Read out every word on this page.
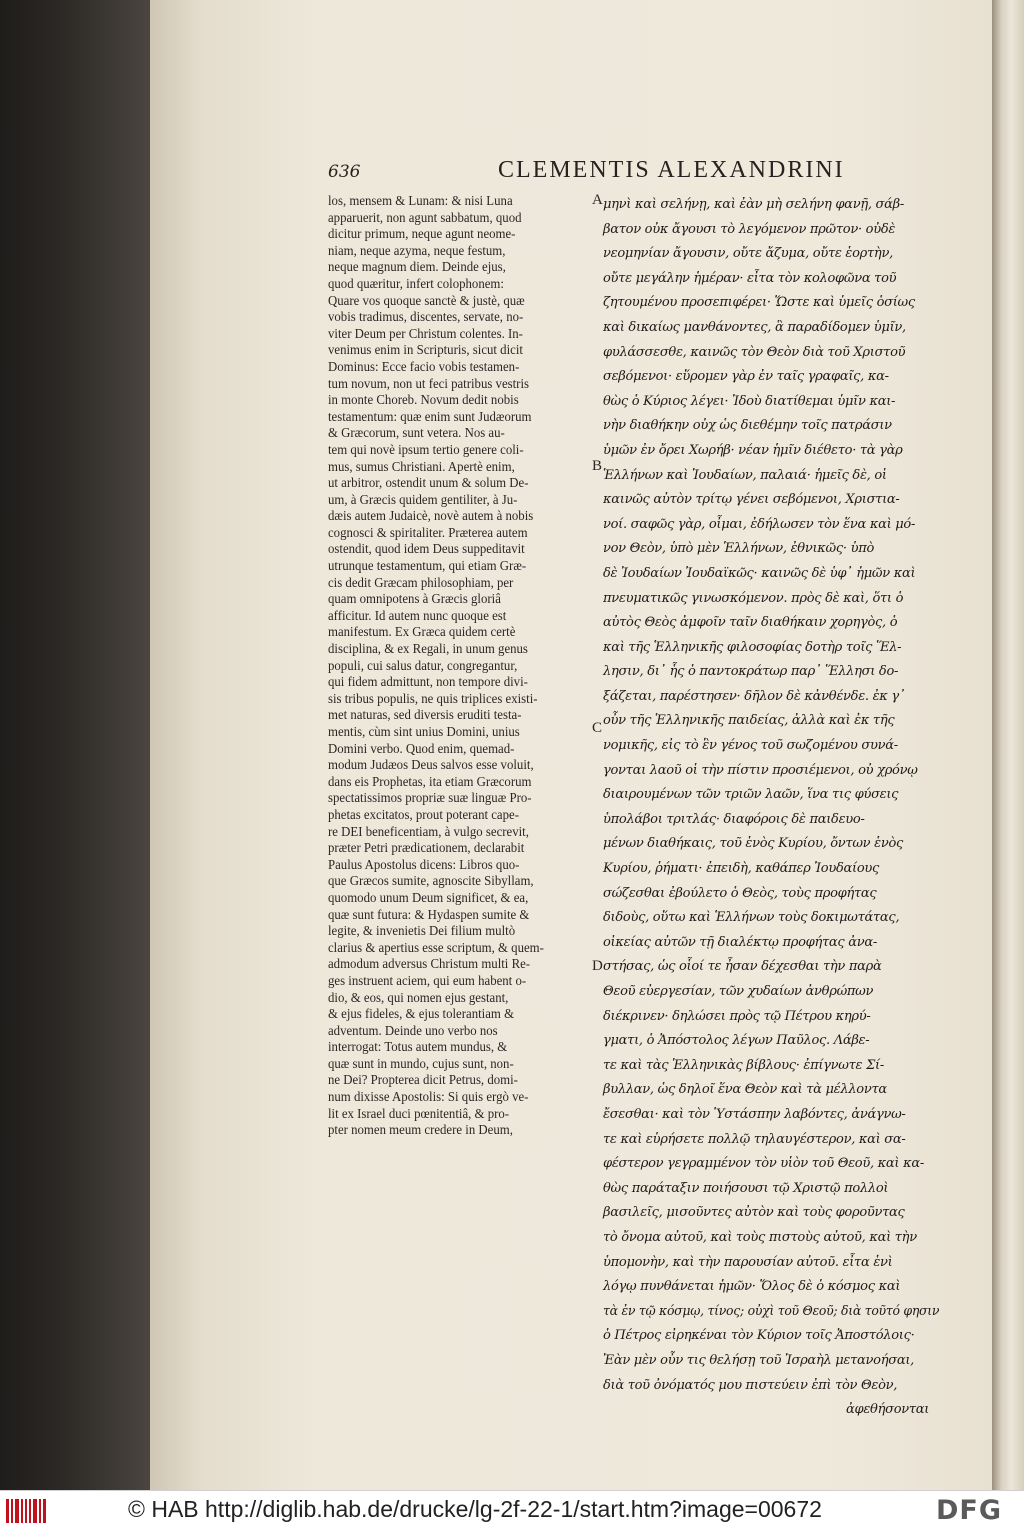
636	CLEMENTIS ALEXANDRINI
los, mensem & Lunam: & nisi Luna
apparuerit, non agunt sabbatum, quod
dicitur primum, neque agunt neome-
niam, neque azyma, neque festum,
neque magnum diem. Deinde ejus,
quod quæritur, infert colophonem:
Quare vos quoque sanctè & justè, quæ
vobis tradimus, discentes, servate, no-
viter Deum per Christum colentes. In-
venimus enim in Scripturis, sicut dicit
Dominus: Ecce facio vobis testamen-
tum novum, non ut feci patribus vestris
in monte Choreb. Novum dedit nobis
testamentum: quæ enim sunt Judæorum
& Græcorum, sunt vetera. Nos au-
tem qui novè ipsum tertio genere coli-
mus, sumus Christiani. Apertè enim,
ut arbitror, ostendit unum & solum De-
um, à Græcis quidem gentiliter, à Ju-
dæis autem Judaicè, novè autem à nobis
cognosci & spiritaliter. Præterea autem
ostendit, quod idem Deus suppeditavit
utrunque testamentum, qui etiam Græ-
cis dedit Græcam philosophiam, per
quam omnipotens à Græcis gloriâ
afficitur. Id autem nunc quoque est
manifestum. Ex Græca quidem certè
disciplina, & ex Regali, in unum genus
populi, cui salus datur, congregantur,
qui fidem admittunt, non tempore divi-
sis tribus populis, ne quis triplices existi-
met naturas, sed diversis eruditi testa-
mentis, cùm sint unius Domini, unius
Domini verbo. Quod enim, quemad-
modum Judæos Deus salvos esse voluit,
dans eis Prophetas, ita etiam Græcorum
spectatissimos propriæ suæ linguæ Pro-
phetas excitatos, prout poterant cape-
re DEI beneficentiam, à vulgo secrevit,
præter Petri prædicationem, declarabit
Paulus Apostolus dicens: Libros quo-
que Græcos sumite, agnoscite Sibyllam,
quomodo unum Deum significet, & ea,
quæ sunt futura: & Hydaspen sumite &
legite, & invenietis Dei filium multò
clarius & apertius esse scriptum, & quem-
admodum adversus Christum multi Re-
ges instruent aciem, qui eum habent o-
dio, & eos, qui nomen ejus gestant,
& ejus fideles, & ejus tolerantiam &
adventum. Deinde uno verbo nos
interrogat: Totus autem mundus, &
quæ sunt in mundo, cujus sunt, non-
ne Dei? Propterea dicit Petrus, domi-
num dixisse Apostolis: Si quis ergò ve-
lit ex Israel duci pœnitentiâ, & pro-
pter nomen meum credere in Deum,
μηνὶ καὶ σελήνῃ, καὶ ἐὰν μὴ σελήνη φανῇ, σάβ-
βατον οὐκ ἄγουσι τὸ λεγόμενον πρῶτον· οὐδὲ
νεομηνίαν ἄγουσιν, οὔτε ἄζυμα, οὔτε ἑορτὴν,
οὔτε μεγάλην ἡμέραν· εἶτα τὸν κολοφῶνα τοῦ
ζητουμένου προσεπιφέρει· Ὥστε καὶ ὑμεῖς ὁσίως
καὶ δικαίως μανθάνοντες, ἃ παραδίδομεν ὑμῖν,
φυλάσσεσθε, καινῶς τὸν Θεὸν διὰ τοῦ Χριστοῦ
σεβόμενοι· εὕρομεν γὰρ ἐν ταῖς γραφαῖς, κα-
θὼς ὁ Κύριος λέγει· Ἰδοὺ διατίθεμαι ὑμῖν και-
νὴν διαθήκην οὐχ ὡς διεθέμην τοῖς πατράσιν
ὑμῶν ἐν ὄρει Χωρήβ· νέαν ἡμῖν διέθετο· τὰ γὰρ
Ἑλλήνων καὶ Ἰουδαίων, παλαιά· ἡμεῖς δὲ, οἱ
καινῶς αὐτὸν τρίτῳ γένει σεβόμενοι, Χριστια-
νοί. σαφῶς γὰρ, οἶμαι, ἐδήλωσεν τὸν ἕνα καὶ μό-
νον Θεὸν, ὑπὸ μὲν Ἑλλήνων, ἐθνικῶς· ὑπὸ
δὲ Ἰουδαίων Ἰουδαϊκῶς· καινῶς δὲ ὑφ᾽ ἡμῶν καὶ
πνευματικῶς γινωσκόμενον. πρὸς δὲ καὶ, ὅτι ὁ
αὐτὸς Θεὸς ἀμφοῖν ταῖν διαθήκαιν χορηγὸς, ὁ
καὶ τῆς Ἑλληνικῆς φιλοσοφίας δοτὴρ τοῖς Ἕλ-
λησιν, δι᾽ ἧς ὁ παντοκράτωρ παρ᾽ Ἕλλησι δο-
ξάζεται, παρέστησεν· δῆλον δὲ κἀνθένδε. ἐκ γ᾽
οὖν τῆς Ἑλληνικῆς παιδείας, ἀλλὰ καὶ ἐκ τῆς
νομικῆς, εἰς τὸ ἓν γένος τοῦ σωζομένου συνά-
γονται λαοῦ οἱ τὴν πίστιν προσιέμενοι, οὐ χρόνῳ
διαιρουμένων τῶν τριῶν λαῶν, ἵνα τις φύσεις
ὑπολάβοι τριτλάς· διαφόροις δὲ παιδευο-
μένων διαθήκαις, τοῦ ἑνὸς Κυρίου, ὄντων ἑνὸς
Κυρίου, ῥήματι· ἐπειδὴ, καθάπερ Ἰουδαίους
σώζεσθαι ἐβούλετο ὁ Θεὸς, τοὺς προφήτας
διδοὺς, οὕτω καὶ Ἑλλήνων τοὺς δοκιμωτάτας,
οἰκείας αὐτῶν τῇ διαλέκτῳ προφήτας ἀνα-
στήσας, ὡς οἷοί τε ἦσαν δέχεσθαι τὴν παρὰ
Θεοῦ εὐεργεσίαν, τῶν χυδαίων ἀνθρώπων
διέκρινεν· δηλώσει πρὸς τῷ Πέτρου κηρύ-
γματι, ὁ Ἀπόστολος λέγων Παῦλος. Λάβε-
τε καὶ τὰς Ἑλληνικὰς βίβλους· ἐπίγνωτε Σί-
βυλλαν, ὡς δηλοῖ ἕνα Θεὸν καὶ τὰ μέλλοντα
ἔσεσθαι· καὶ τὸν Ὑστάσπην λαβόντες, ἀνάγνω-
τε καὶ εὑρήσετε πολλῷ τηλαυγέστερον, καὶ σα-
φέστερον γεγραμμένον τὸν υἱὸν τοῦ Θεοῦ, καὶ κα-
θὼς παράταξιν ποιήσουσι τῷ Χριστῷ πολλοὶ
βασιλεῖς, μισοῦντες αὐτὸν καὶ τοὺς φοροῦντας
τὸ ὄνομα αὐτοῦ, καὶ τοὺς πιστοὺς αὐτοῦ, καὶ τὴν
ὑπομονὴν, καὶ τὴν παρουσίαν αὐτοῦ. εἶτα ἑνὶ
λόγῳ πυνθάνεται ἡμῶν· Ὅλος δὲ ὁ κόσμος καὶ
τὰ ἐν τῷ κόσμῳ, τίνος; οὐχὶ τοῦ Θεοῦ; διὰ τοῦτό φησιν
ὁ Πέτρος εἰρηκέναι τὸν Κύριον τοῖς Ἀποστόλοις·
Ἐὰν μὲν οὖν τις θελήσῃ τοῦ Ἰσραὴλ μετανοήσαι,
διὰ τοῦ ὀνόματός μου πιστεύειν ἐπὶ τὸν Θεὸν,
ἀφεθήσονται
A
B
C
D
© HAB http://diglib.hab.de/drucke/lg-2f-22-1/start.htm?image=00672	DFG
